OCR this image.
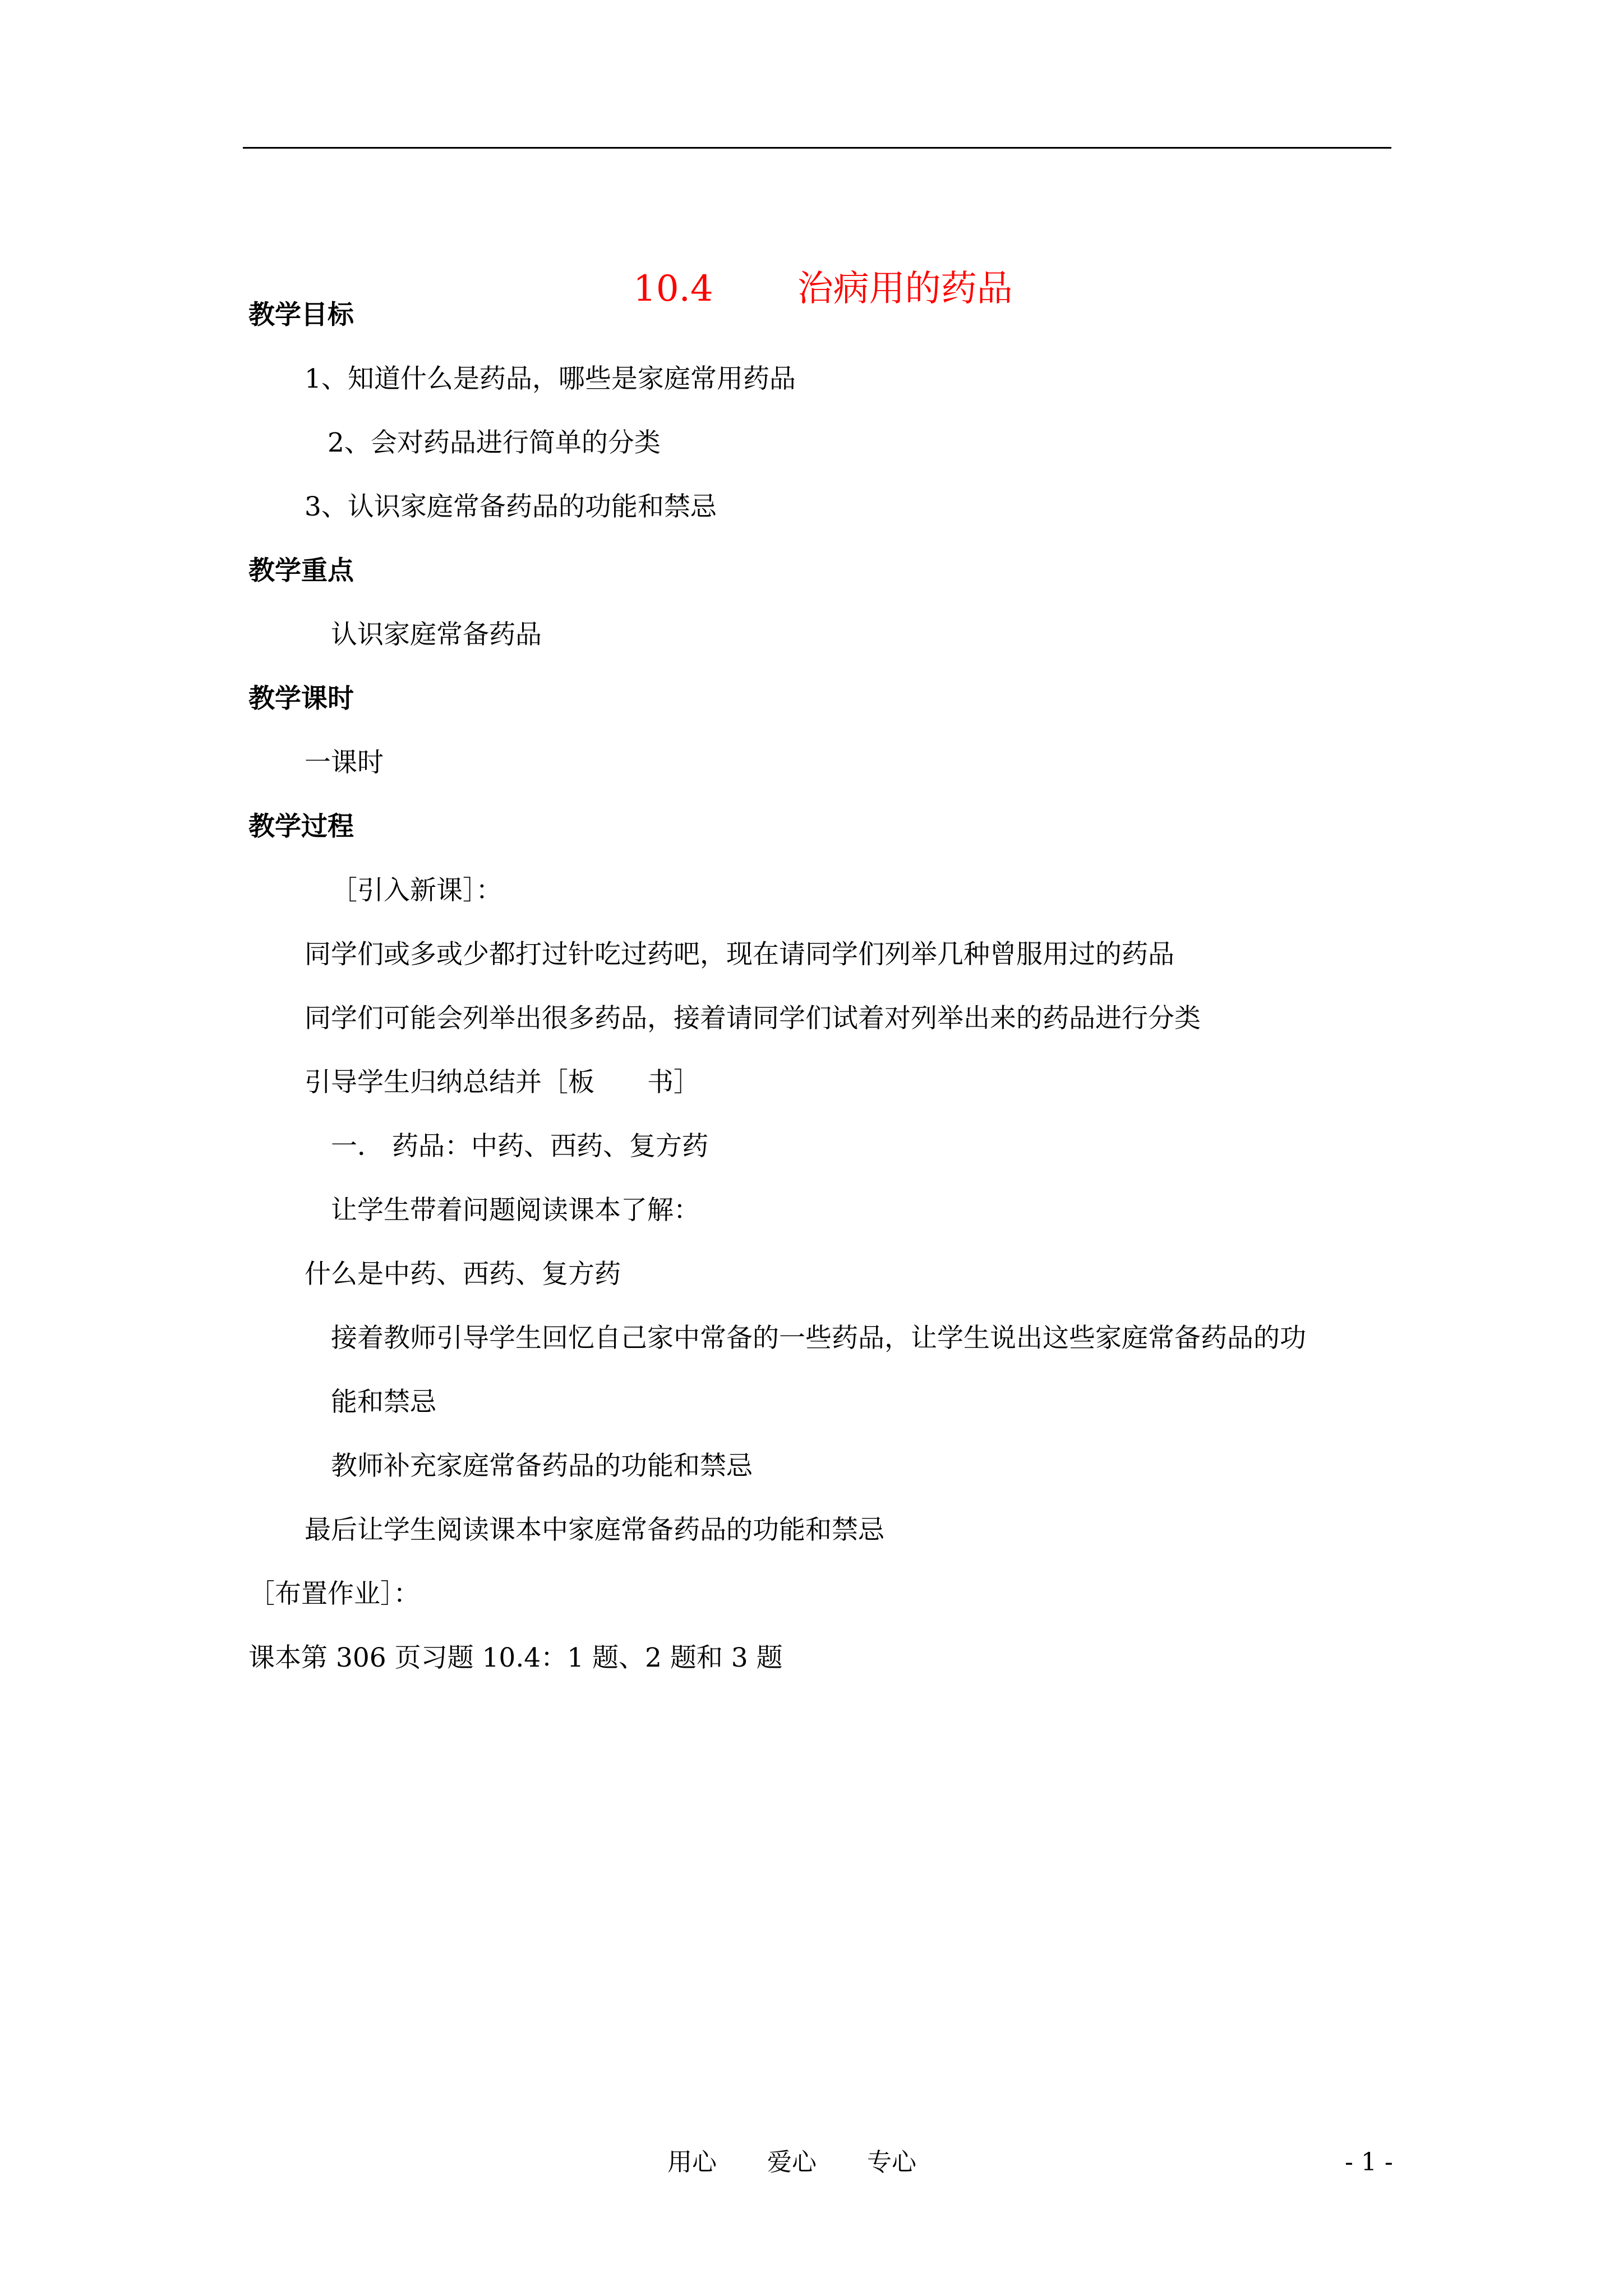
10.4 治病用的药品

教学目标
1、知道什么是药品，哪些是家庭常用药品
2、会对药品进行简单的分类
3、认识家庭常备药品的功能和禁忌
教学重点
认识家庭常备药品
教学课时
一课时
教学过程
［引入新课］：
同学们或多或少都打过针吃过药吧，现在请同学们列举几种曾服用过的药品
同学们可能会列举出很多药品，接着请同学们试着对列举出来的药品进行分类
引导学生归纳总结并［板　　书］
一． 药品：中药、西药、复方药
让学生带着问题阅读课本了解：
什么是中药、西药、复方药
接着教师引导学生回忆自己家中常备的一些药品，让学生说出这些家庭常备药品的功
能和禁忌
教师补充家庭常备药品的功能和禁忌
最后让学生阅读课本中家庭常备药品的功能和禁忌
［布置作业］：
课本第 306 页习题 10.4：1 题、2 题和 3 题
用心 爱心 专心	- 1 -
